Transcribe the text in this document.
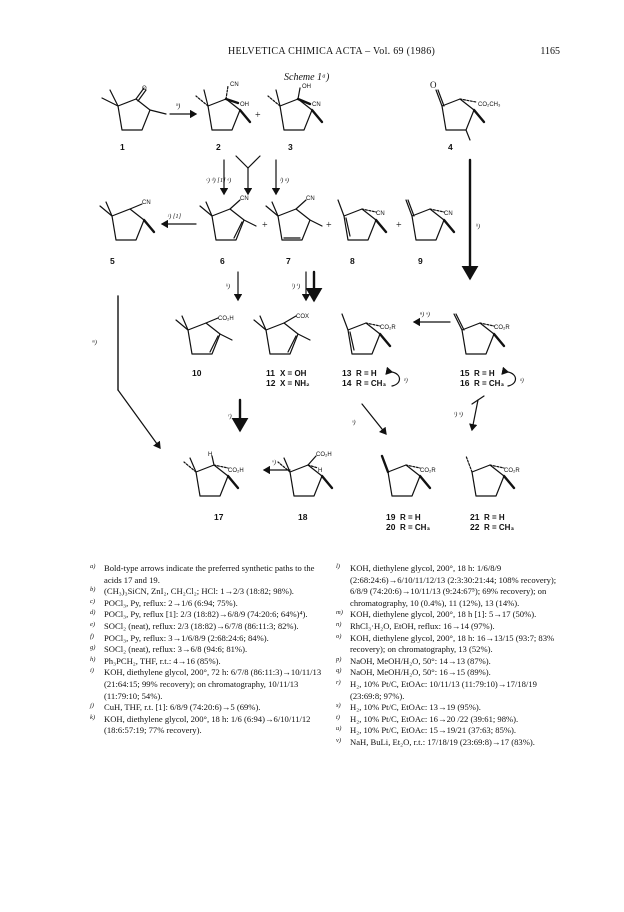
HELVETICA CHIMICA ACTA – Vol. 69 (1986)	1165
Scheme 1ᵃ)
O
ᵇ)
CN
OH
+
OH
CN
O
CO₂CH₃
1	2	3	4
ᶜ) ᵈ) [1] ᵉ)	ᶠ) ᵍ)
ʰ)
CN
ʲ) [1]
CN
+
CN
+
CN
+
CN
5	6	7	8	9
ᵏ)	ˡ) ⁱ)
ᵐ)
CO₂H	COX
CO₂R
ⁿ) ᵒ)
CO₂R
10	11 X = OH
12 X = NH₂
13 R = H
14 R = CH₃	ᵖ)
15 R = H
16 R = CH₃	ᵍ)
ʳ)
ˢ)
ᵗ) ᵘ)
H
CO₂H
ᵛ)
CO₂H
H	CO₂R	CO₂R
17	18	19 R = H
20 R = CH₃
21 R = H
22 R = CH₃

a) Bold-type arrows indicate the preferred synthetic paths to the acids 17 and 19.

b) (CH₃)₃SiCN, ZnI₂, CH₂Cl₂; HCl: 1→2/3 (18:82; 98%).

c) POCl₃, Py, reflux: 2→1/6 (6:94; 75%).

d) POCl₃, Py, reflux [1]: 2/3 (18:82)→6/8/9 (74:20:6; 64%)⁴).

e) SOCl₂ (neat), reflux: 2/3 (18:82)→6/7/8 (86:11:3; 82%).

f) POCl₃, Py, reflux: 3→1/6/8/9 (2:68:24:6; 84%).

g) SOCl₂ (neat), reflux: 3→6/8 (94:6; 81%).

h) Ph₃PCH₂, THF, r.t.: 4→16 (85%).

i) KOH, diethylene glycol, 200°, 72 h: 6/7/8 (86:11:3)→10/11/13 (21:64:15; 99% recovery); on chromatography, 10/11/13 (11:79:10; 54%).

j) CuH, THF, r.t. [1]: 6/8/9 (74:20:6)→5 (69%).

k) KOH, diethylene glycol, 200°, 18 h: 1/6 (6:94)→6/10/11/12 (18:6:57:19; 77% recovery).

l) KOH, diethylene glycol, 200°, 18 h: 1/6/8/9 (2:68:24:6)→6/10/11/12/13 (2:3:30:21:44; 108% recovery); 6/8/9 (74:20:6)→10/11/13 (9:24:67⁵); 69% recovery); on chromatography, 10 (0.4%), 11 (12%), 13 (14%).

m) KOH, diethylene glycol, 200°, 18 h [1]: 5→17 (50%).

n) RhCl₃·H₂O, EtOH, reflux: 16→14 (97%).

o) KOH, diethylene glycol, 200°, 18 h: 16→13/15 (93:7; 83% recovery); on chromatography, 13 (52%).

p) NaOH, MeOH/H₂O, 50°: 14→13 (87%).

q) NaOH, MeOH/H₂O, 50°: 16→15 (89%).

r) H₂, 10% Pt/C, EtOAc: 10/11/13 (11:79:10)→17/18/19 (23:69:8; 97%).

s) H₂, 10% Pt/C, EtOAc: 13→19 (95%).

t) H₂, 10% Pt/C, EtOAc: 16→20 /22 (39:61; 98%).

u) H₂, 10% Pt/C, EtOAc: 15→19/21 (37:63; 85%).

v) NaH, BuLi, Et₂O, r.t.: 17/18/19 (23:69:8)→17 (83%).
